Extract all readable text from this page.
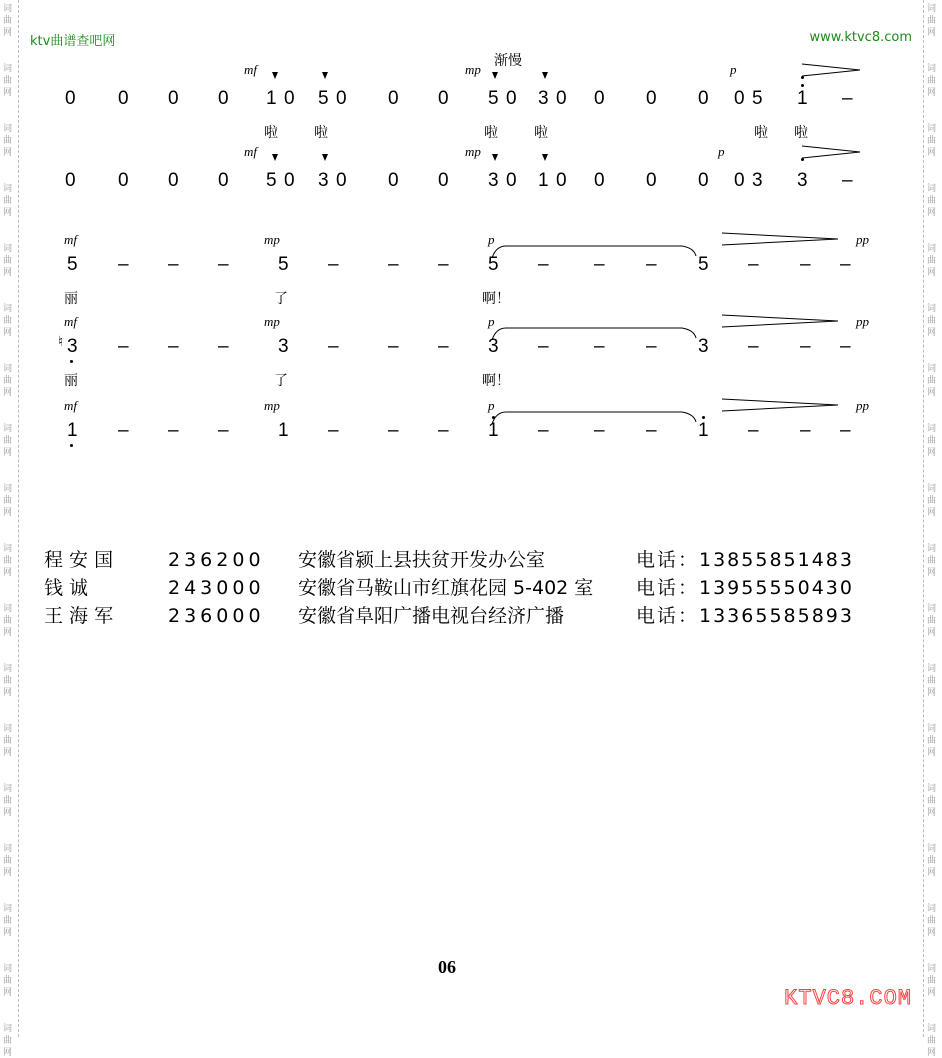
词
曲
网
词
曲
网
词
曲
网
词
曲
网
词
曲
网
词
曲
网
词
曲
网
词
曲
网
词
曲
网
词
曲
网
词
曲
网
词
曲
网
词
曲
网
词
曲
网
词
曲
网
词
曲
网
词
曲
网
词
曲
网
词
曲
网
词
曲
网
词
曲
网
词
曲
网
词
曲
网
词
曲
网
词
曲
网
词
曲
网
词
曲
网
词
曲
网
词
曲
网
词
曲
网
词
曲
网
词
曲
网
词
曲
网
词
曲
网
词
曲
网
词
曲
网
ktv曲谱查吧网	www.ktvc8.com
0 0 0 0 1 0 5 0 0 0 5 0 3 0 0 0 0 0 5 1 –
mf	mp	p
渐慢
啦	啦	啦	啦	啦 啦
0 0 0 0 5 0 3 0 0 0 3 0 1 0 0 0 0 0 3 3 –
mf	mp	p
5	5	5	5
– – –	–	– –	– – –	– – –
mf	mp	p	pp
丽	了	啊！
3	3	3	3
– – –	–	– –	– – –	– – –
mf	mp	p	pp
丽	了	啊！
♮
1	1	1	1
– – –	–	– –	– – –	– – –
mf	mp	p	pp
程 安 国	236200 安徽省颍上县扶贫开发办公室	电话：13855851483
钱 诚	243000 安徽省马鞍山市红旗花园 5-402 室 电话：13955550430
王 海 军	236000 安徽省阜阳广播电视台经济广播	电话：13365585893
06
KTVC8.COM
